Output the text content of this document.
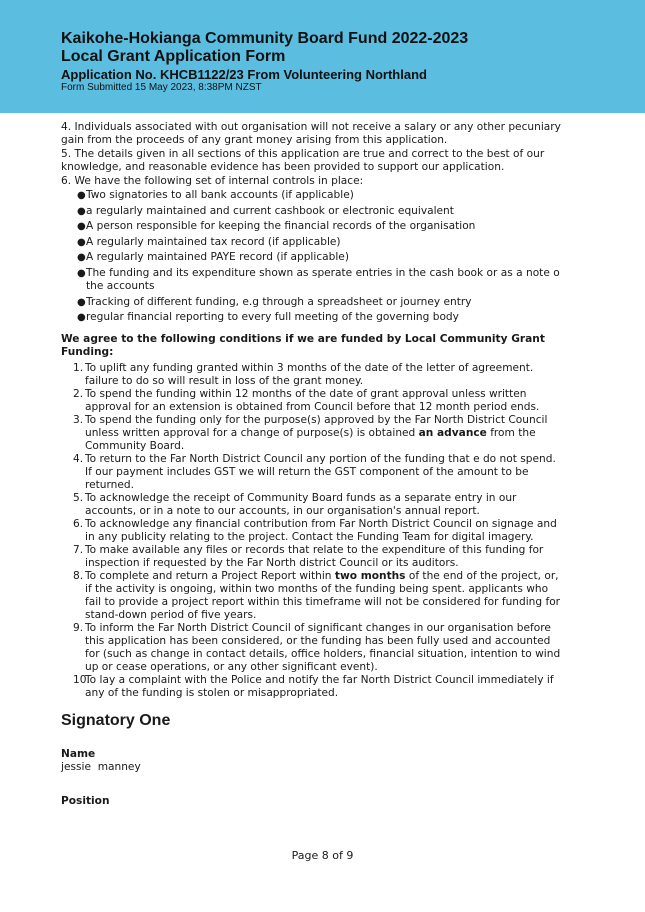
Kaikohe-Hokianga Community Board Fund 2022-2023
Local Grant Application Form
Application No. KHCB1122/23 From Volunteering Northland
Form Submitted 15 May 2023, 8:38PM NZST

4. Individuals associated with out organisation will not receive a salary or any other pecuniary gain from the proceeds of any grant money arising from this application.

5. The details given in all sections of this application are true and correct to the best of our knowledge, and reasonable evidence has been provided to support our application.

6. We have the following set of internal controls in place:

● Two signatories to all bank accounts (if applicable)
● a regularly maintained and current cashbook or electronic equivalent
● A person responsible for keeping the financial records of the organisation
● A regularly maintained tax record (if applicable)
● A regularly maintained PAYE record (if applicable)
● The funding and its expenditure shown as sperate entries in the cash book or as a note o the accounts
● Tracking of different funding, e.g through a spreadsheet or journey entry
● regular financial reporting to every full meeting of the governing body
We agree to the following conditions if we are funded by Local Community Grant Funding:
1. To uplift any funding granted within 3 months of the date of the letter of agreement. failure to do so will result in loss of the grant money.
2. To spend the funding within 12 months of the date of grant approval unless written approval for an extension is obtained from Council before that 12 month period ends.
3. To spend the funding only for the purpose(s) approved by the Far North District Council unless written approval for a change of purpose(s) is obtained an advance from the Community Board.
4. To return to the Far North District Council any portion of the funding that e do not spend. If our payment includes GST we will return the GST component of the amount to be returned.
5. To acknowledge the receipt of Community Board funds as a separate entry in our accounts, or in a note to our accounts, in our organisation's annual report.
6. To acknowledge any financial contribution from Far North District Council on signage and in any publicity relating to the project. Contact the Funding Team for digital imagery.
7. To make available any files or records that relate to the expenditure of this funding for inspection if requested by the Far North district Council or its auditors.
8. To complete and return a Project Report within two months of the end of the project, or, if the activity is ongoing, within two months of the funding being spent. applicants who fail to provide a project report within this timeframe will not be considered for funding for stand-down period of five years.
9. To inform the Far North District Council of significant changes in our organisation before this application has been considered, or the funding has been fully used and accounted for (such as change in contact details, office holders, financial situation, intention to wind up or cease operations, or any other significant event).
10.
To lay a complaint with the Police and notify the far North District Council immediately if any of the funding is stolen or misappropriated.
Signatory One
Name
jessie  manney
Position
Page 8 of 9
